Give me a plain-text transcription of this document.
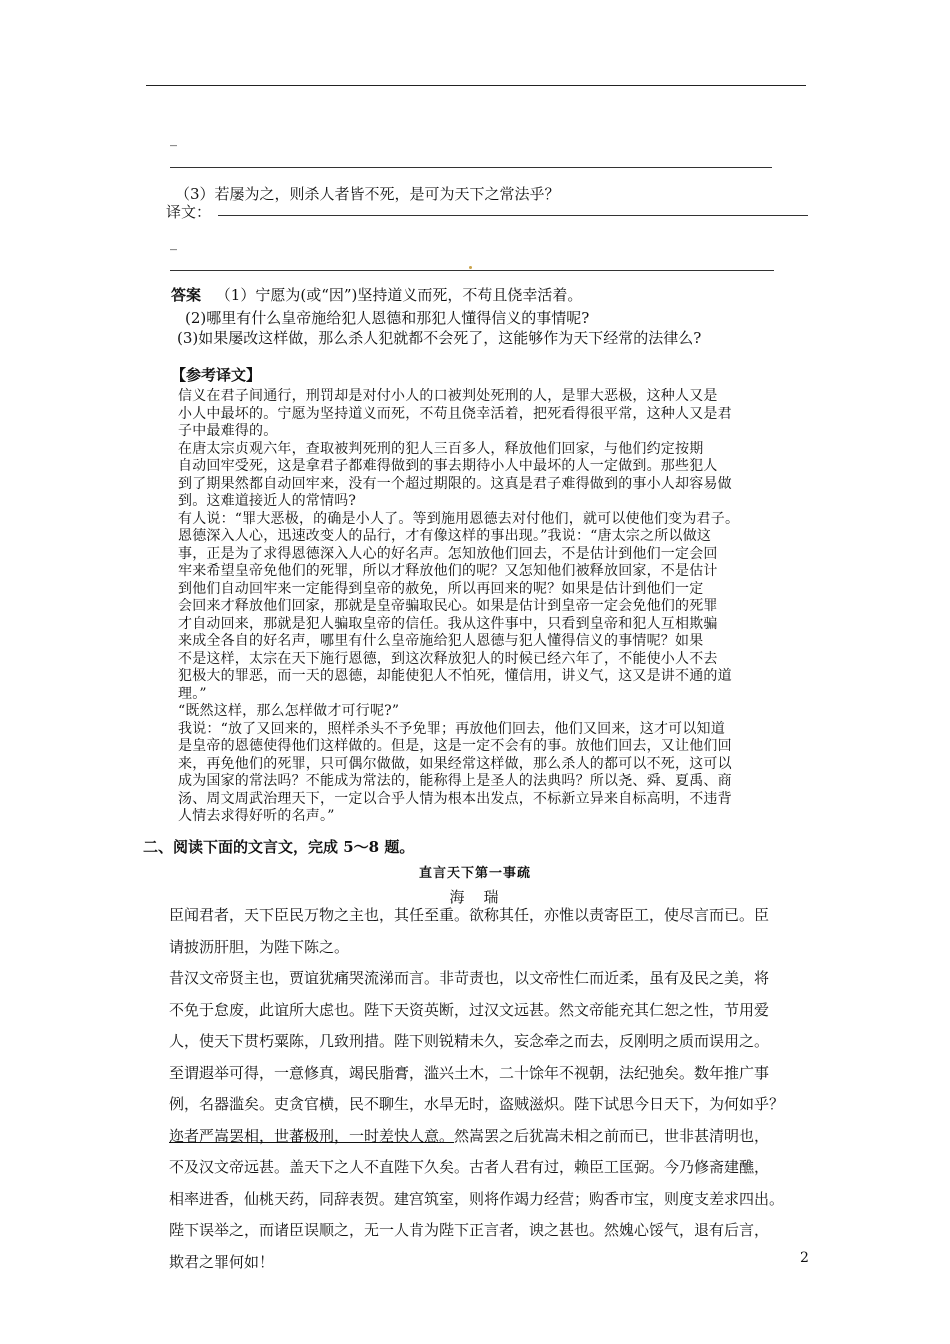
_
（3）若屡为之，则杀人者皆不死，是可为天下之常法乎？
译文：
_
答案 （1）宁愿为(或“因”)坚持道义而死，不苟且侥幸活着。
(2)哪里有什么皇帝施给犯人恩德和那犯人懂得信义的事情呢?
(3)如果屡改这样做，那么杀人犯就都不会死了，这能够作为天下经常的法律么?
【参考译文】
信义在君子间通行，刑罚却是对付小人的口被判处死刑的人，是罪大恶极，这种人又是
小人中最坏的。宁愿为坚持道义而死，不苟且侥幸活着，把死看得很平常，这种人又是君
子中最难得的。
在唐太宗贞观六年，查取被判死刑的犯人三百多人，释放他们回家，与他们约定按期
自动回牢受死，这是拿君子都难得做到的事去期待小人中最坏的人一定做到。那些犯人
到了期果然都自动回牢来，没有一个超过期限的。这真是君子难得做到的事小人却容易做
到。这难道接近人的常情吗?
有人说：“罪大恶极，的确是小人了。等到施用恩德去对付他们，就可以使他们变为君子。
恩德深入人心，迅速改变人的品行，才有像这样的事出现。”我说：“唐太宗之所以做这
事，正是为了求得恩德深入人心的好名声。怎知放他们回去，不是估计到他们一定会回
牢来希望皇帝免他们的死罪，所以才释放他们的呢？又怎知他们被释放回家，不是估计
到他们自动回牢来一定能得到皇帝的赦免，所以再回来的呢？如果是估计到他们一定
会回来才释放他们回家，那就是皇帝骗取民心。如果是估计到皇帝一定会免他们的死罪
才自动回来，那就是犯人骗取皇帝的信任。我从这件事中，只看到皇帝和犯人互相欺骗
来成全各自的好名声，哪里有什么皇帝施给犯人恩德与犯人懂得信义的事情呢？如果
不是这样，太宗在天下施行恩德，到这次释放犯人的时候已经六年了，不能使小人不去
犯极大的罪恶，而一天的恩德，却能使犯人不怕死，懂信用，讲义气，这又是讲不通的道
理。”
“既然这样，那么怎样做才可行呢?”
我说：“放了又回来的，照样杀头不予免罪；再放他们回去，他们又回来，这才可以知道
是皇帝的恩德使得他们这样做的。但是，这是一定不会有的事。放他们回去，又让他们回
来，再免他们的死罪，只可偶尔做做，如果经常这样做，那么杀人的都可以不死，这可以
成为国家的常法吗？不能成为常法的，能称得上是圣人的法典吗？所以尧、舜、夏禹、商
汤、周文周武治理天下，一定以合乎人情为根本出发点，不标新立异来自标高明，不违背
人情去求得好听的名声。”
二、阅读下面的文言文，完成 5～8 题。
直言天下第一事疏
海　瑞
臣闻君者，天下臣民万物之主也，其任至重。欲称其任，亦惟以责寄臣工，使尽言而已。臣
请披沥肝胆，为陛下陈之。
昔汉文帝贤主也，贾谊犹痛哭流涕而言。非苛责也，以文帝性仁而近柔，虽有及民之美，将
不免于怠废，此谊所大虑也。陛下天资英断，过汉文远甚。然文帝能充其仁恕之性，节用爱
人，使天下贯朽粟陈，几致刑措。陛下则锐精未久，妄念牵之而去，反刚明之质而误用之。
至谓遐举可得，一意修真，竭民脂膏，滥兴土木，二十馀年不视朝，法纪弛矣。数年推广事
例，名器滥矣。吏贪官横，民不聊生，水旱无时，盗贼滋炽。陛下试思今日天下，为何如乎？
迩者严嵩罢相，世蕃极刑，一时差快人意。然嵩罢之后犹嵩未相之前而已，世非甚清明也，
不及汉文帝远甚。盖天下之人不直陛下久矣。古者人君有过，赖臣工匡弼。今乃修斋建醮，
相率进香，仙桃天药，同辞表贺。建宫筑室，则将作竭力经营；购香市宝，则度支差求四出。
陛下误举之，而诸臣误顺之，无一人肯为陛下正言者，谀之甚也。然媿心馁气，退有后言，
欺君之罪何如！	2
